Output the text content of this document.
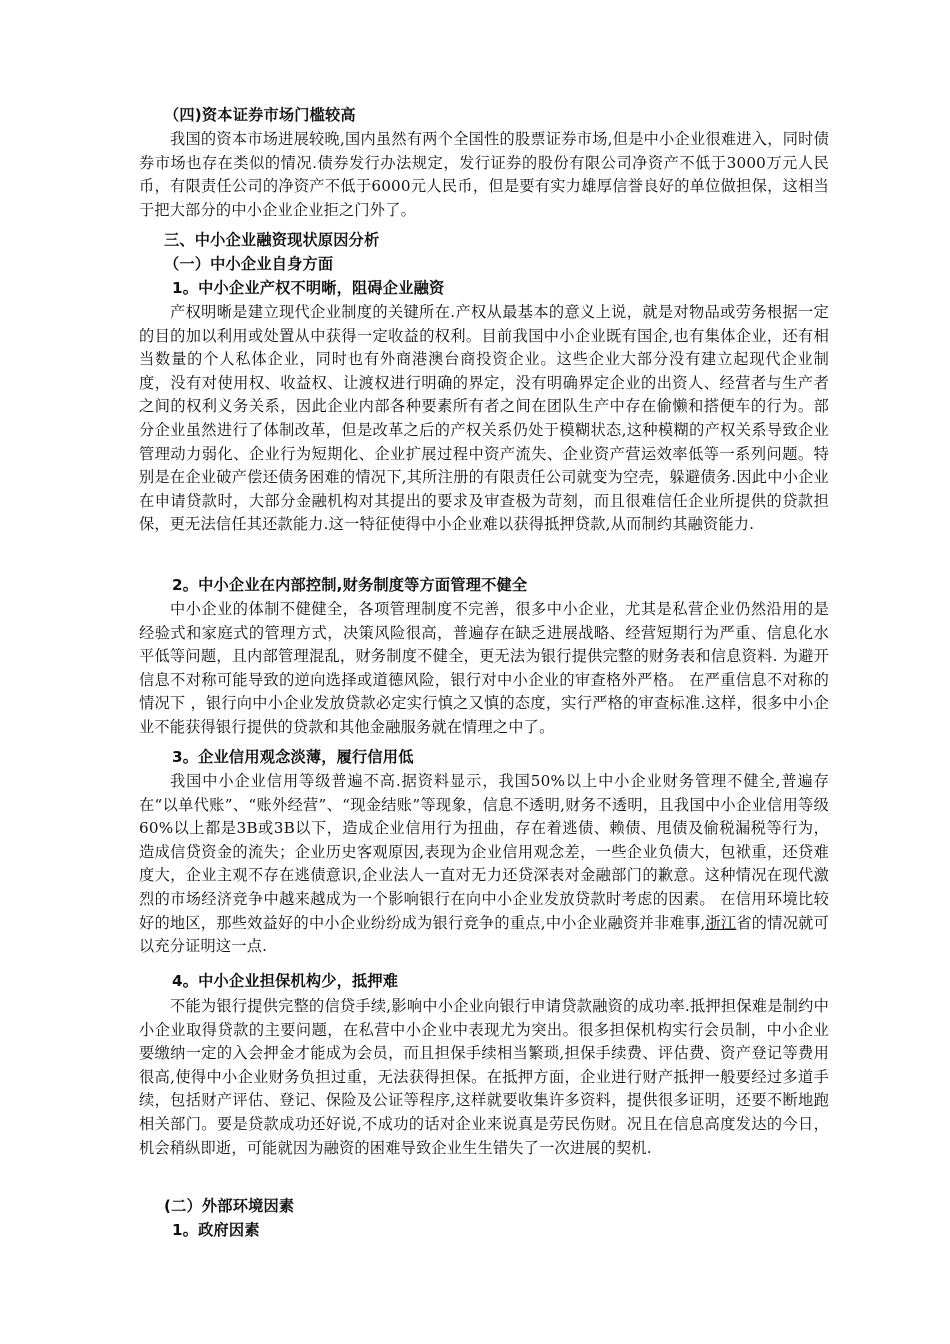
（四)资本证券市场门槛较高

我国的资本市场进展较晚,国内虽然有两个全国性的股票证券市场,但是中小企业很难进入，同时债券市场也存在类似的情况.债券发行办法规定，发行证券的股份有限公司净资产不低于3000万元人民币，有限责任公司的净资产不低于6000元人民币，但是要有实力雄厚信誉良好的单位做担保，这相当于把大部分的中小企业企业拒之门外了。

三、中小企业融资现状原因分析
（一）中小企业自身方面
1。中小企业产权不明晰，阻碍企业融资

产权明晰是建立现代企业制度的关键所在.产权从最基本的意义上说，就是对物品或劳务根据一定的目的加以利用或处置从中获得一定收益的权利。目前我国中小企业既有国企,也有集体企业，还有相当数量的个人私体企业，同时也有外商港澳台商投资企业。这些企业大部分没有建立起现代企业制度，没有对使用权、收益权、让渡权进行明确的界定，没有明确界定企业的出资人、经营者与生产者之间的权利义务关系，因此企业内部各种要素所有者之间在团队生产中存在偷懒和搭便车的行为。部分企业虽然进行了体制改革，但是改革之后的产权关系仍处于模糊状态,这种模糊的产权关系导致企业管理动力弱化、企业行为短期化、企业扩展过程中资产流失、企业资产营运效率低等一系列问题。特别是在企业破产偿还债务困难的情况下,其所注册的有限责任公司就变为空壳，躲避债务.因此中小企业在申请贷款时，大部分金融机构对其提出的要求及审查极为苛刻，而且很难信任企业所提供的贷款担保，更无法信任其还款能力.这一特征使得中小企业难以获得抵押贷款,从而制约其融资能力.

2。中小企业在内部控制,财务制度等方面管理不健全

中小企业的体制不健健全，各项管理制度不完善，很多中小企业，尤其是私营企业仍然沿用的是经验式和家庭式的管理方式，决策风险很高，普遍存在缺乏进展战略、经营短期行为严重、信息化水平低等问题，且内部管理混乱，财务制度不健全，更无法为银行提供完整的财务表和信息资料. 为避开信息不对称可能导致的逆向选择或道德风险，银行对中小企业的审查格外严格。 在严重信息不对称的情况下 ，银行向中小企业发放贷款必定实行慎之又慎的态度，实行严格的审查标准.这样，很多中小企业不能获得银行提供的贷款和其他金融服务就在情理之中了。

3。企业信用观念淡薄，履行信用低

我国中小企业信用等级普遍不高.据资料显示，我国50%以上中小企业财务管理不健全,普遍存在“以单代账”、“账外经营”、“现金结账”等现象，信息不透明,财务不透明，且我国中小企业信用等级60%以上都是3B或3B以下，造成企业信用行为扭曲，存在着逃债、赖债、甩债及偷税漏税等行为，造成信贷资金的流失；企业历史客观原因,表现为企业信用观念差，一些企业负债大，包袱重，还贷难度大，企业主观不存在逃债意识,企业法人一直对无力还贷深表对金融部门的歉意。这种情况在现代激烈的市场经济竞争中越来越成为一个影响银行在向中小企业发放贷款时考虑的因素。 在信用环境比较好的地区，那些效益好的中小企业纷纷成为银行竞争的重点,中小企业融资并非难事,浙江省的情况就可以充分证明这一点.

4。中小企业担保机构少，抵押难

不能为银行提供完整的信贷手续,影响中小企业向银行申请贷款融资的成功率.抵押担保难是制约中小企业取得贷款的主要问题，在私营中小企业中表现尤为突出。很多担保机构实行会员制，中小企业要缴纳一定的入会押金才能成为会员，而且担保手续相当繁琐,担保手续费、评估费、资产登记等费用很高,使得中小企业财务负担过重，无法获得担保。在抵押方面，企业进行财产抵押一般要经过多道手续，包括财产评估、登记、保险及公证等程序,这样就要收集许多资料，提供很多证明，还要不断地跑相关部门。要是贷款成功还好说,不成功的话对企业来说真是劳民伤财。况且在信息高度发达的今日，机会稍纵即逝，可能就因为融资的困难导致企业生生错失了一次进展的契机.

(二）外部环境因素
1。政府因素
